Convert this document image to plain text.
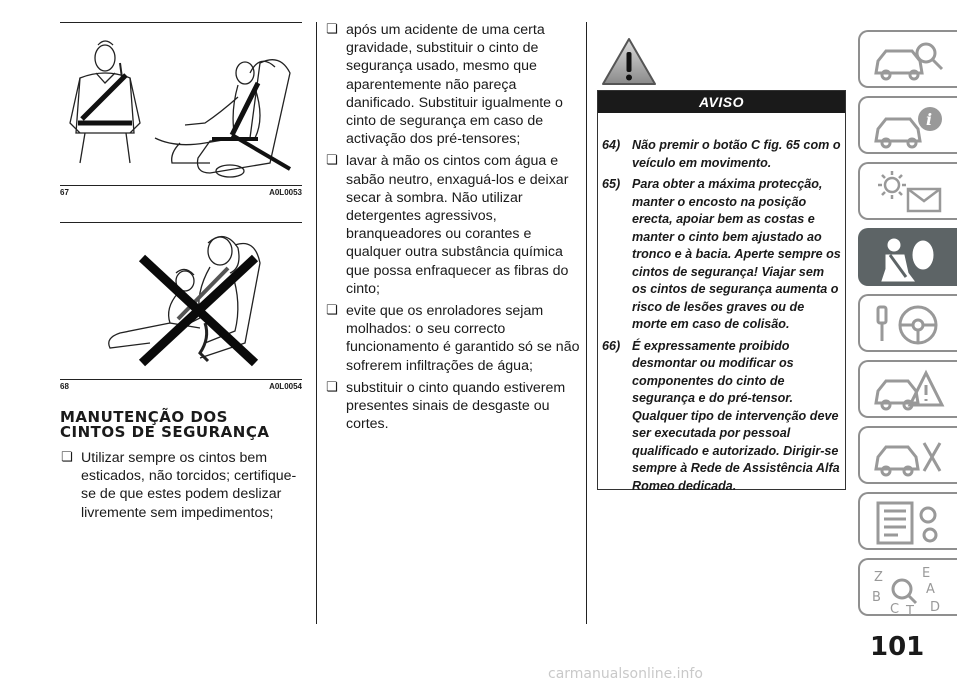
67	A0L0053
68	A0L0054
MANUTENÇÃO DOS
CINTOS DE SEGURANÇA
❏ Utilizar sempre os cintos bem esticados, não torcidos; certifique-se de que estes podem deslizar livremente sem impedimentos;
❏ após um acidente de uma certa gravidade, substituir o cinto de segurança usado, mesmo que aparentemente não pareça danificado. Substituir igualmente o cinto de segurança em caso de activação dos pré-tensores;
❏ lavar à mão os cintos com água e sabão neutro, enxaguá-los e deixar secar à sombra. Não utilizar detergentes agressivos, branqueadores ou corantes e qualquer outra substância química que possa enfraquecer as fibras do cinto;
❏ evite que os enroladores sejam molhados: o seu correcto funcionamento é garantido só se não sofrerem infiltrações de água;
❏ substituir o cinto quando estiverem presentes sinais de desgaste ou cortes.
AVISO
64) Não premir o botão C fig. 65 com o veículo em movimento.
65) Para obter a máxima protecção, manter o encosto na posição erecta, apoiar bem as costas e manter o cinto bem ajustado ao tronco e à bacia. Aperte sempre os cintos de segurança! Viajar sem os cintos de segurança aumenta o risco de lesões graves ou de morte em caso de colisão.
66) É expressamente proibido desmontar ou modificar os componentes do cinto de segurança e do pré-tensor. Qualquer tipo de intervenção deve ser executada por pessoal qualificado e autorizado. Dirigir-se sempre à Rede de Assistência Alfa Romeo dedicada.
i
Z	E
A
B
C T D
101
carmanualsonline.info
